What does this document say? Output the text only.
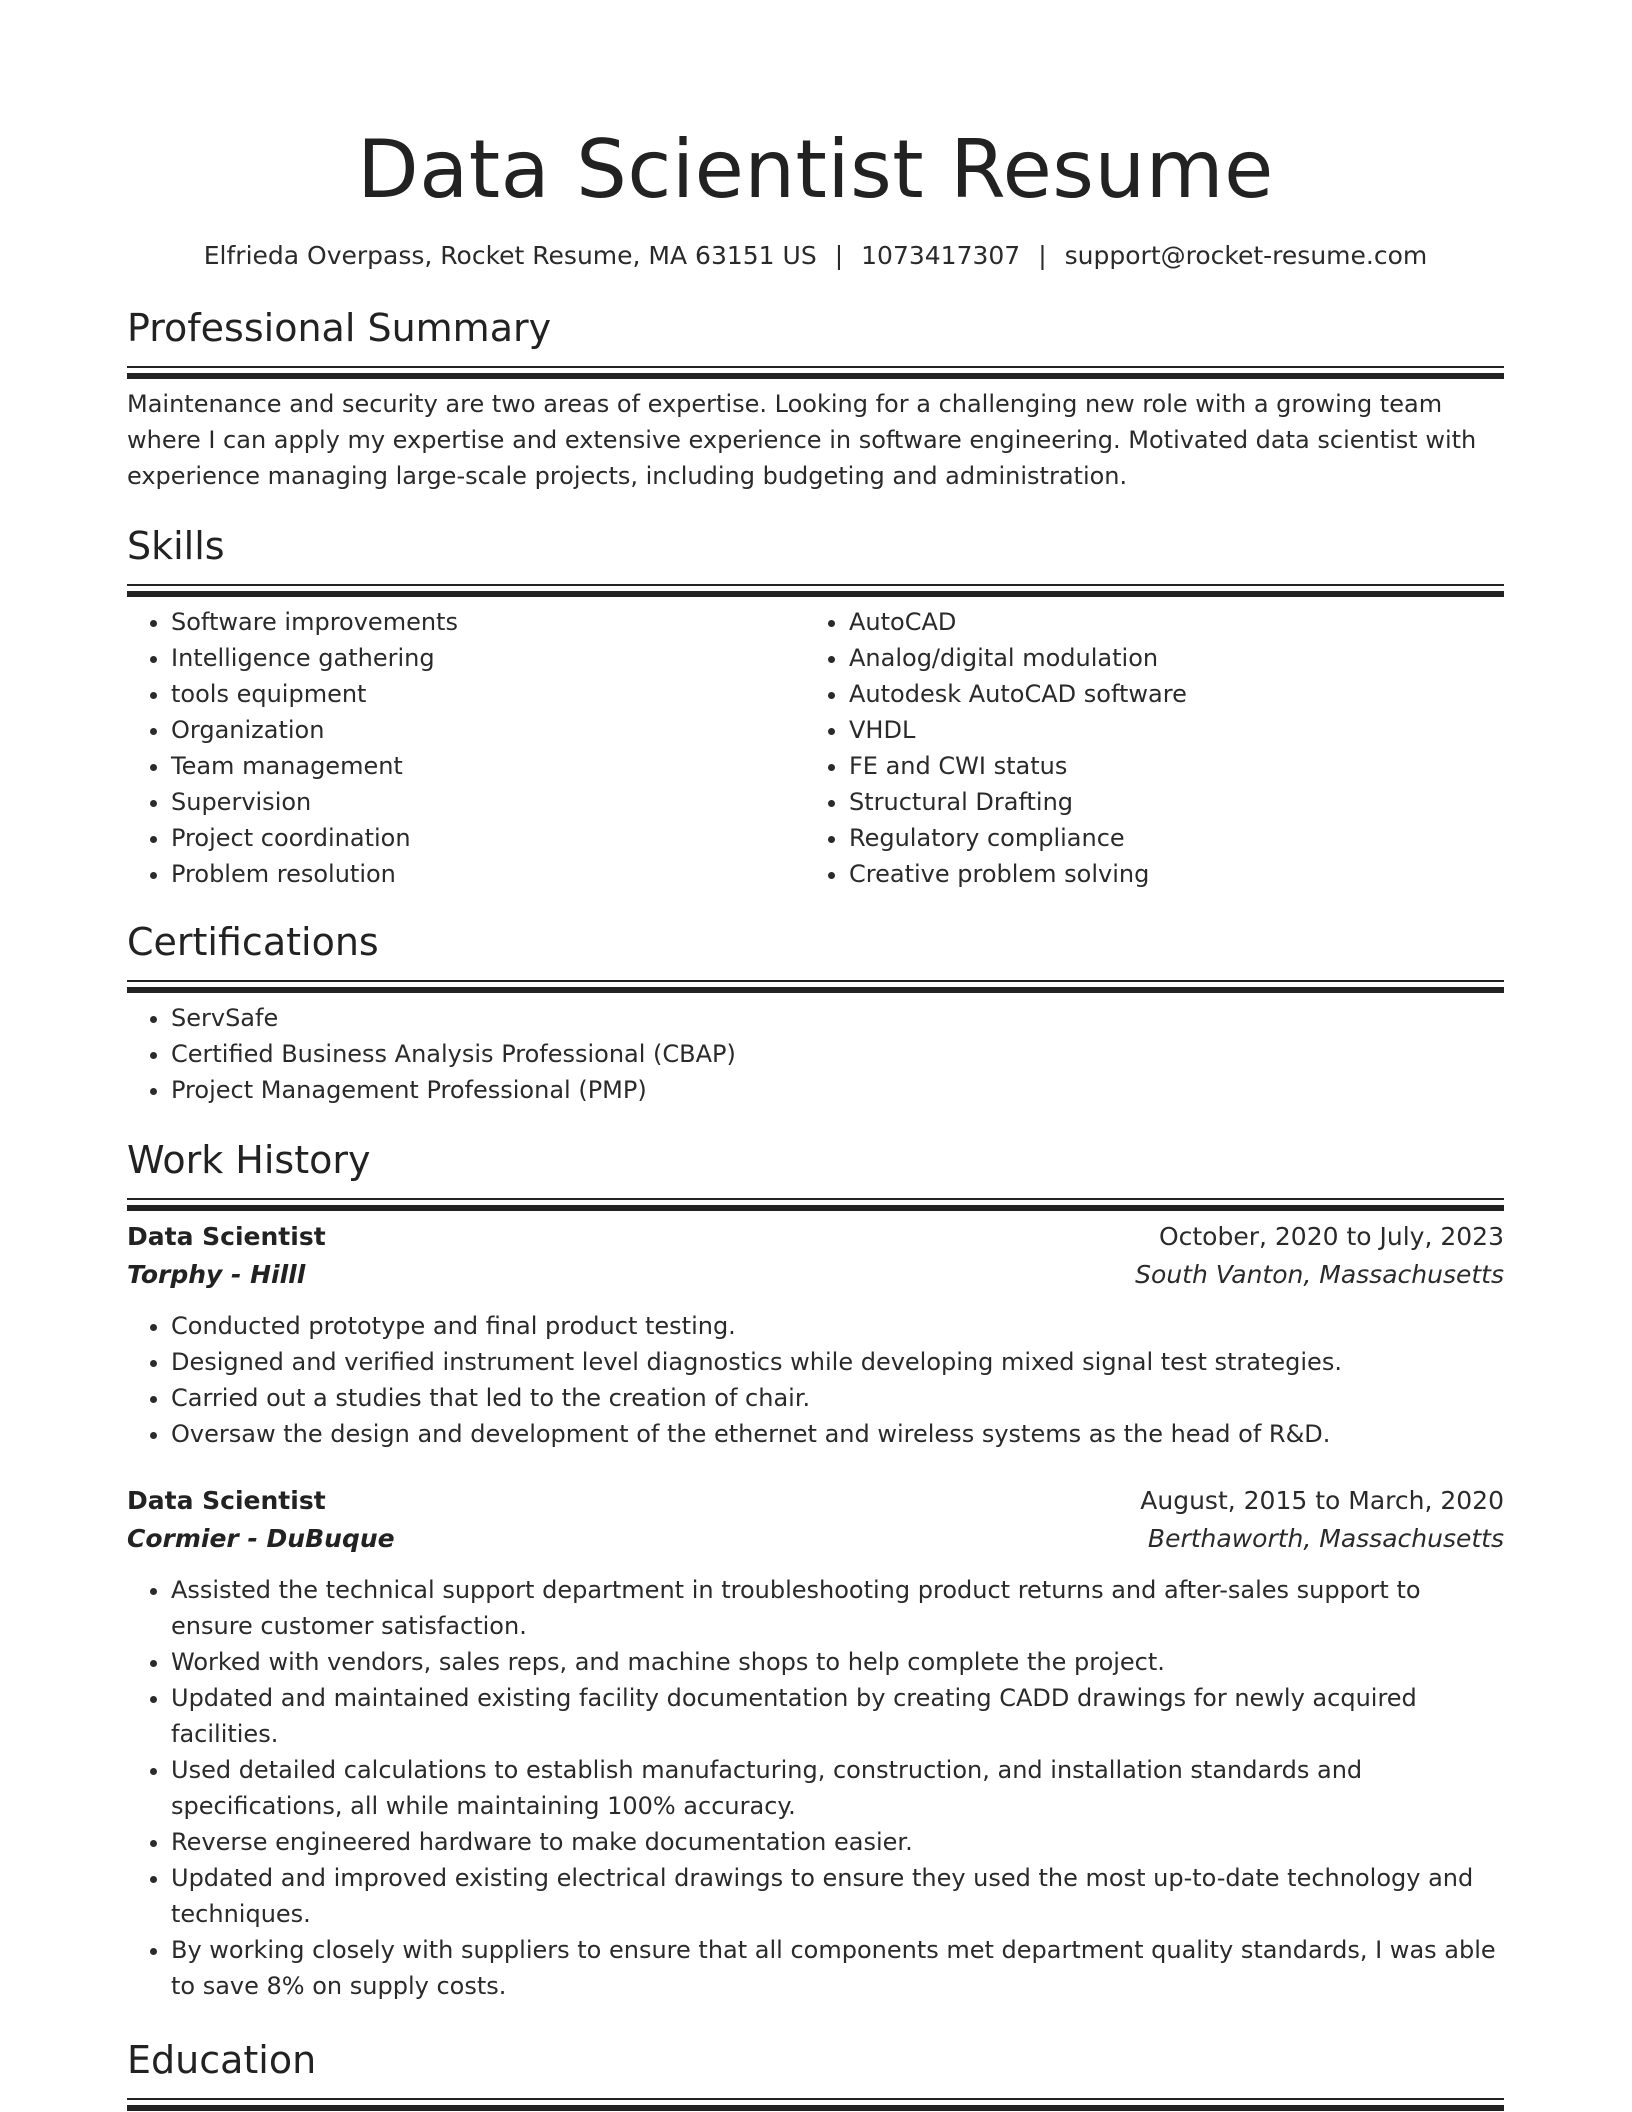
Data Scientist Resume
Elfrieda Overpass, Rocket Resume, MA 63151 US | 1073417307 | support@rocket-resume.com
Professional Summary

Maintenance and security are two areas of expertise. Looking for a challenging new role with a growing team where I can apply my expertise and extensive experience in software engineering. Motivated data scientist with experience managing large-scale projects, including budgeting and administration.

Skills
• Software improvements
• Intelligence gathering
• tools equipment
• Organization
• Team management
• Supervision
• Project coordination
• Problem resolution
• AutoCAD
• Analog/digital modulation
• Autodesk AutoCAD software
• VHDL
• FE and CWI status
• Structural Drafting
• Regulatory compliance
• Creative problem solving
Certifications
• ServSafe
• Certified Business Analysis Professional (CBAP)
• Project Management Professional (PMP)
Work History
Data Scientist	October, 2020 to July, 2023
Torphy - Hilll	South Vanton, Massachusetts
• Conducted prototype and final product testing.
• Designed and verified instrument level diagnostics while developing mixed signal test strategies.
• Carried out a studies that led to the creation of chair.
• Oversaw the design and development of the ethernet and wireless systems as the head of R&D.
Data Scientist	August, 2015 to March, 2020
Cormier - DuBuque	Berthaworth, Massachusetts
• Assisted the technical support department in troubleshooting product returns and after-sales support to ensure customer satisfaction.
• Worked with vendors, sales reps, and machine shops to help complete the project.
• Updated and maintained existing facility documentation by creating CADD drawings for newly acquired facilities.
• Used detailed calculations to establish manufacturing, construction, and installation standards and specifications, all while maintaining 100% accuracy.
• Reverse engineered hardware to make documentation easier.
• Updated and improved existing electrical drawings to ensure they used the most up-to-date technology and techniques.
• By working closely with suppliers to ensure that all components met department quality standards, I was able to save 8% on supply costs.
Education
